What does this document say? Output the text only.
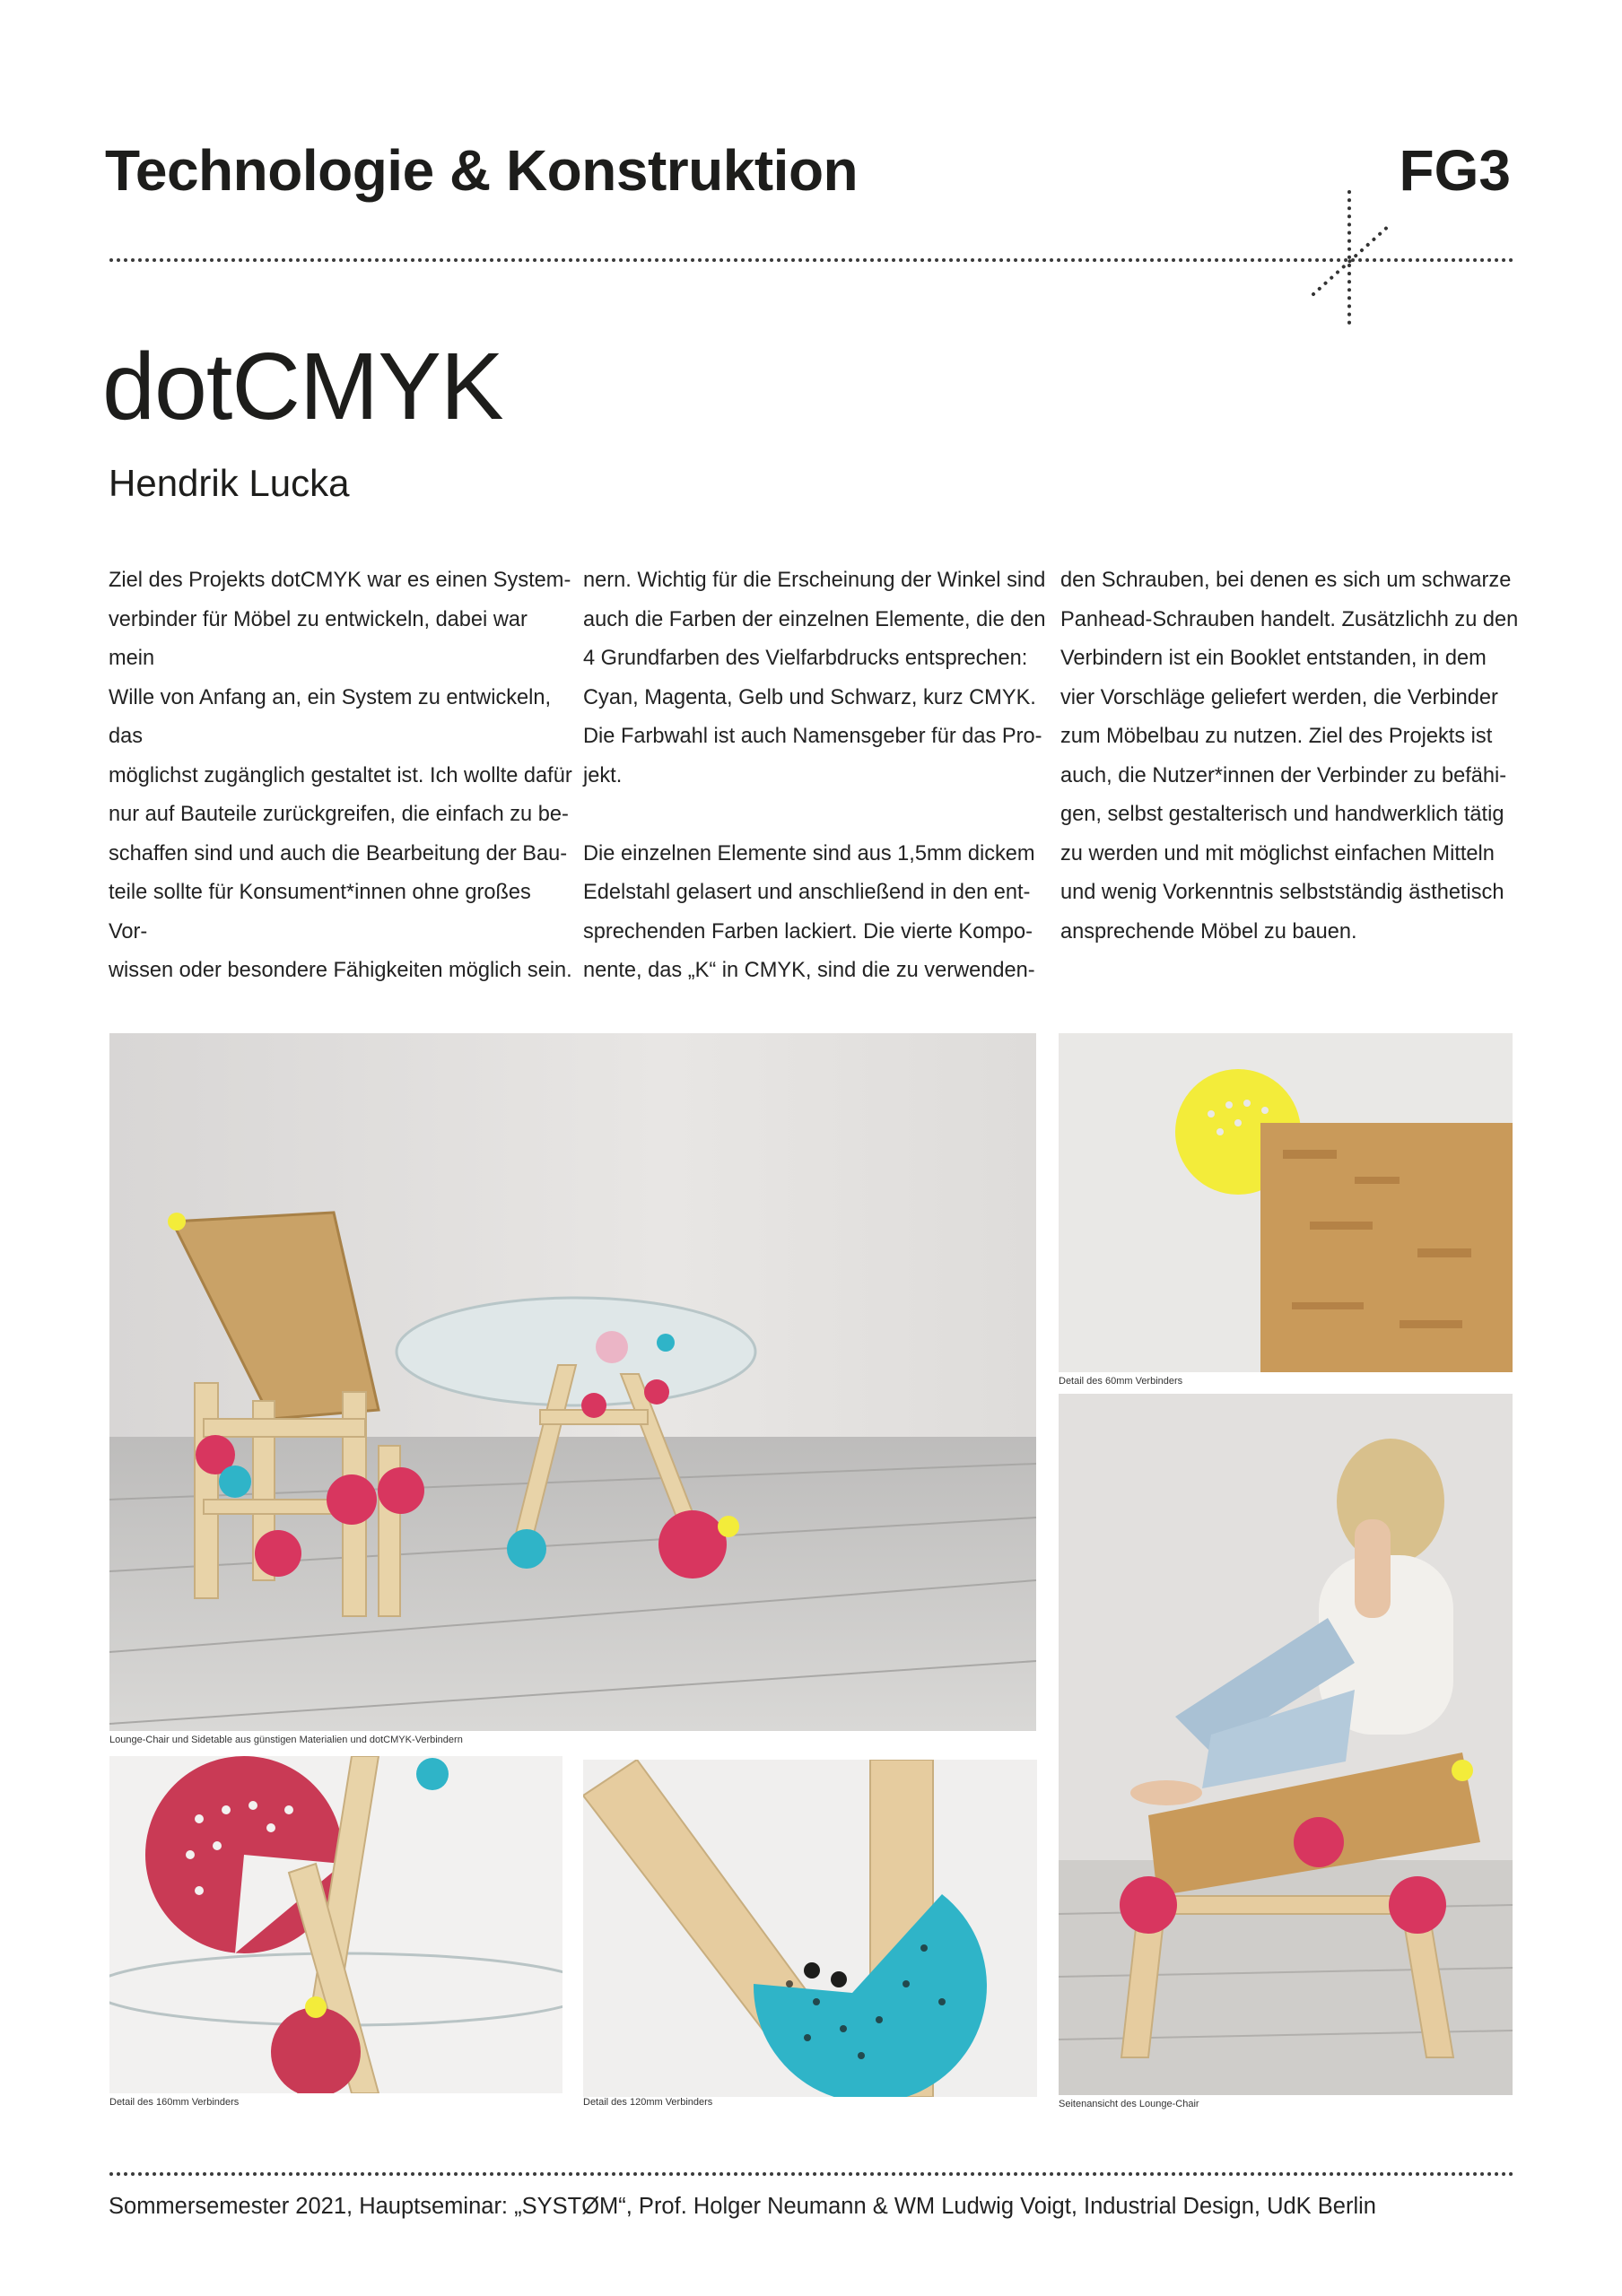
Technologie & Konstruktion	FG3
dotCMYK
Hendrik Lucka
Ziel des Projekts dotCMYK war es einen System-
verbinder für Möbel zu entwickeln, dabei war mein
Wille von Anfang an, ein System zu entwickeln, das
möglichst zugänglich gestaltet ist. Ich wollte dafür
nur auf Bauteile zurückgreifen, die einfach zu be-
schaffen sind und auch die Bearbeitung der Bau-
teile sollte für Konsument*innen ohne großes Vor-
wissen oder besondere Fähigkeiten möglich sein.

nern. Wichtig für die Erscheinung der Winkel sind
auch die Farben der einzelnen Elemente, die den
4 Grundfarben des Vielfarbdrucks entsprechen:
Cyan, Magenta, Gelb und Schwarz, kurz CMYK.
Die Farbwahl ist auch Namensgeber für das Pro-
jekt.

Die einzelnen Elemente sind aus 1,5mm dickem
Edelstahl gelasert und anschließend in den ent-
sprechenden Farben lackiert. Die vierte Kompo-
nente, das „K“ in CMYK, sind die zu verwenden-
den Schrauben, bei denen es sich um schwarze
Panhead-Schrauben handelt. Zusätzlichh zu den
Verbindern ist ein Booklet entstanden, in dem
vier Vorschläge geliefert werden, die Verbinder
zum Möbelbau zu nutzen. Ziel des Projekts ist
auch, die Nutzer*innen der Verbinder zu befähi-
gen, selbst gestalterisch und handwerklich tätig
zu werden und mit möglichst einfachen Mitteln
und wenig Vorkenntnis selbstständig ästhetisch
ansprechende Möbel zu bauen.
Lounge-Chair und Sidetable aus günstigen Materialien und dotCMYK-Verbindern
Detail des 60mm Verbinders
Detail des 160mm Verbinders	Detail des 120mm Verbinders	Seitenansicht des Lounge-Chair
Sommersemester 2021, Hauptseminar: „SYSTØM“, Prof. Holger Neumann & WM Ludwig Voigt, Industrial Design, UdK Berlin
